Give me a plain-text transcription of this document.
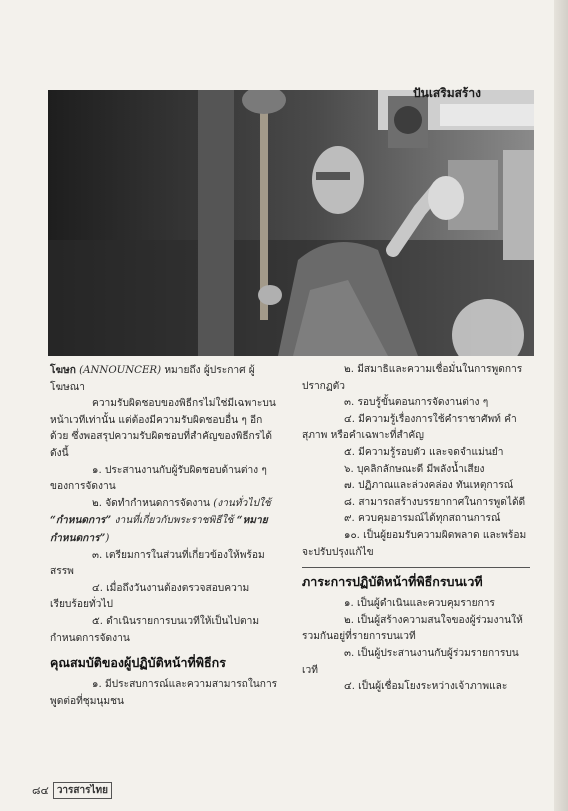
ปันเสริมสร้าง

โฆษก (ANNOUNCER) หมายถึง ผู้ประกาศ ผู้โฆษณา

ความรับผิดชอบของพิธีกรไม่ใช่มีเฉพาะบนหน้าเวทีเท่านั้น แต่ต้องมีความรับผิดชอบอื่น ๆ อีกด้วย ซึ่งพอสรุปความรับผิดชอบที่สำคัญของพิธีกรได้ดังนี้

๑. ประสานงานกับผู้รับผิดชอบด้านต่าง ๆ ของการจัดงาน

๒. จัดทำกำหนดการจัดงาน (งานทั่วไปใช้ “กำหนดการ” งานที่เกี่ยวกับพระราชพิธีใช้ “หมายกำหนดการ”)

๓. เตรียมการในส่วนที่เกี่ยวข้องให้พร้อมสรรพ

๔. เมื่อถึงวันงานต้องตรวจสอบความเรียบร้อยทั่วไป

๕. ดำเนินรายการบนเวทีให้เป็นไปตามกำหนดการจัดงาน

คุณสมบัติของผู้ปฏิบัติหน้าที่พิธีกร

๑. มีประสบการณ์และความสามารถในการพูดต่อที่ชุมนุมชน

๒. มีสมาธิและความเชื่อมั่นในการพูดการปรากฏตัว

๓. รอบรู้ขั้นตอนการจัดงานต่าง ๆ

๔. มีความรู้เรื่องการใช้คำราชาศัพท์ คำสุภาพ หรือคำเฉพาะที่สำคัญ

๕. มีความรู้รอบตัว และจดจำแม่นยำ

๖. บุคลิกลักษณะดี มีพลังน้ำเสียง

๗. ปฏิภาณและล่วงคล่อง ทันเหตุการณ์

๘. สามารถสร้างบรรยากาศในการพูดได้ดี

๙. ควบคุมอารมณ์ได้ทุกสถานการณ์

๑๐. เป็นผู้ยอมรับความผิดพลาด และพร้อมจะปรับปรุงแก้ไข

ภาระการปฏิบัติหน้าที่พิธีกรบนเวที

๑. เป็นผู้ดำเนินและควบคุมรายการ

๒. เป็นผู้สร้างความสนใจของผู้ร่วมงานให้รวมกันอยู่ที่รายการบนเวที

๓. เป็นผู้ประสานงานกับผู้ร่วมรายการบนเวที

๔. เป็นผู้เชื่อมโยงระหว่างเจ้าภาพและ

๘๔ วารสารไทย
